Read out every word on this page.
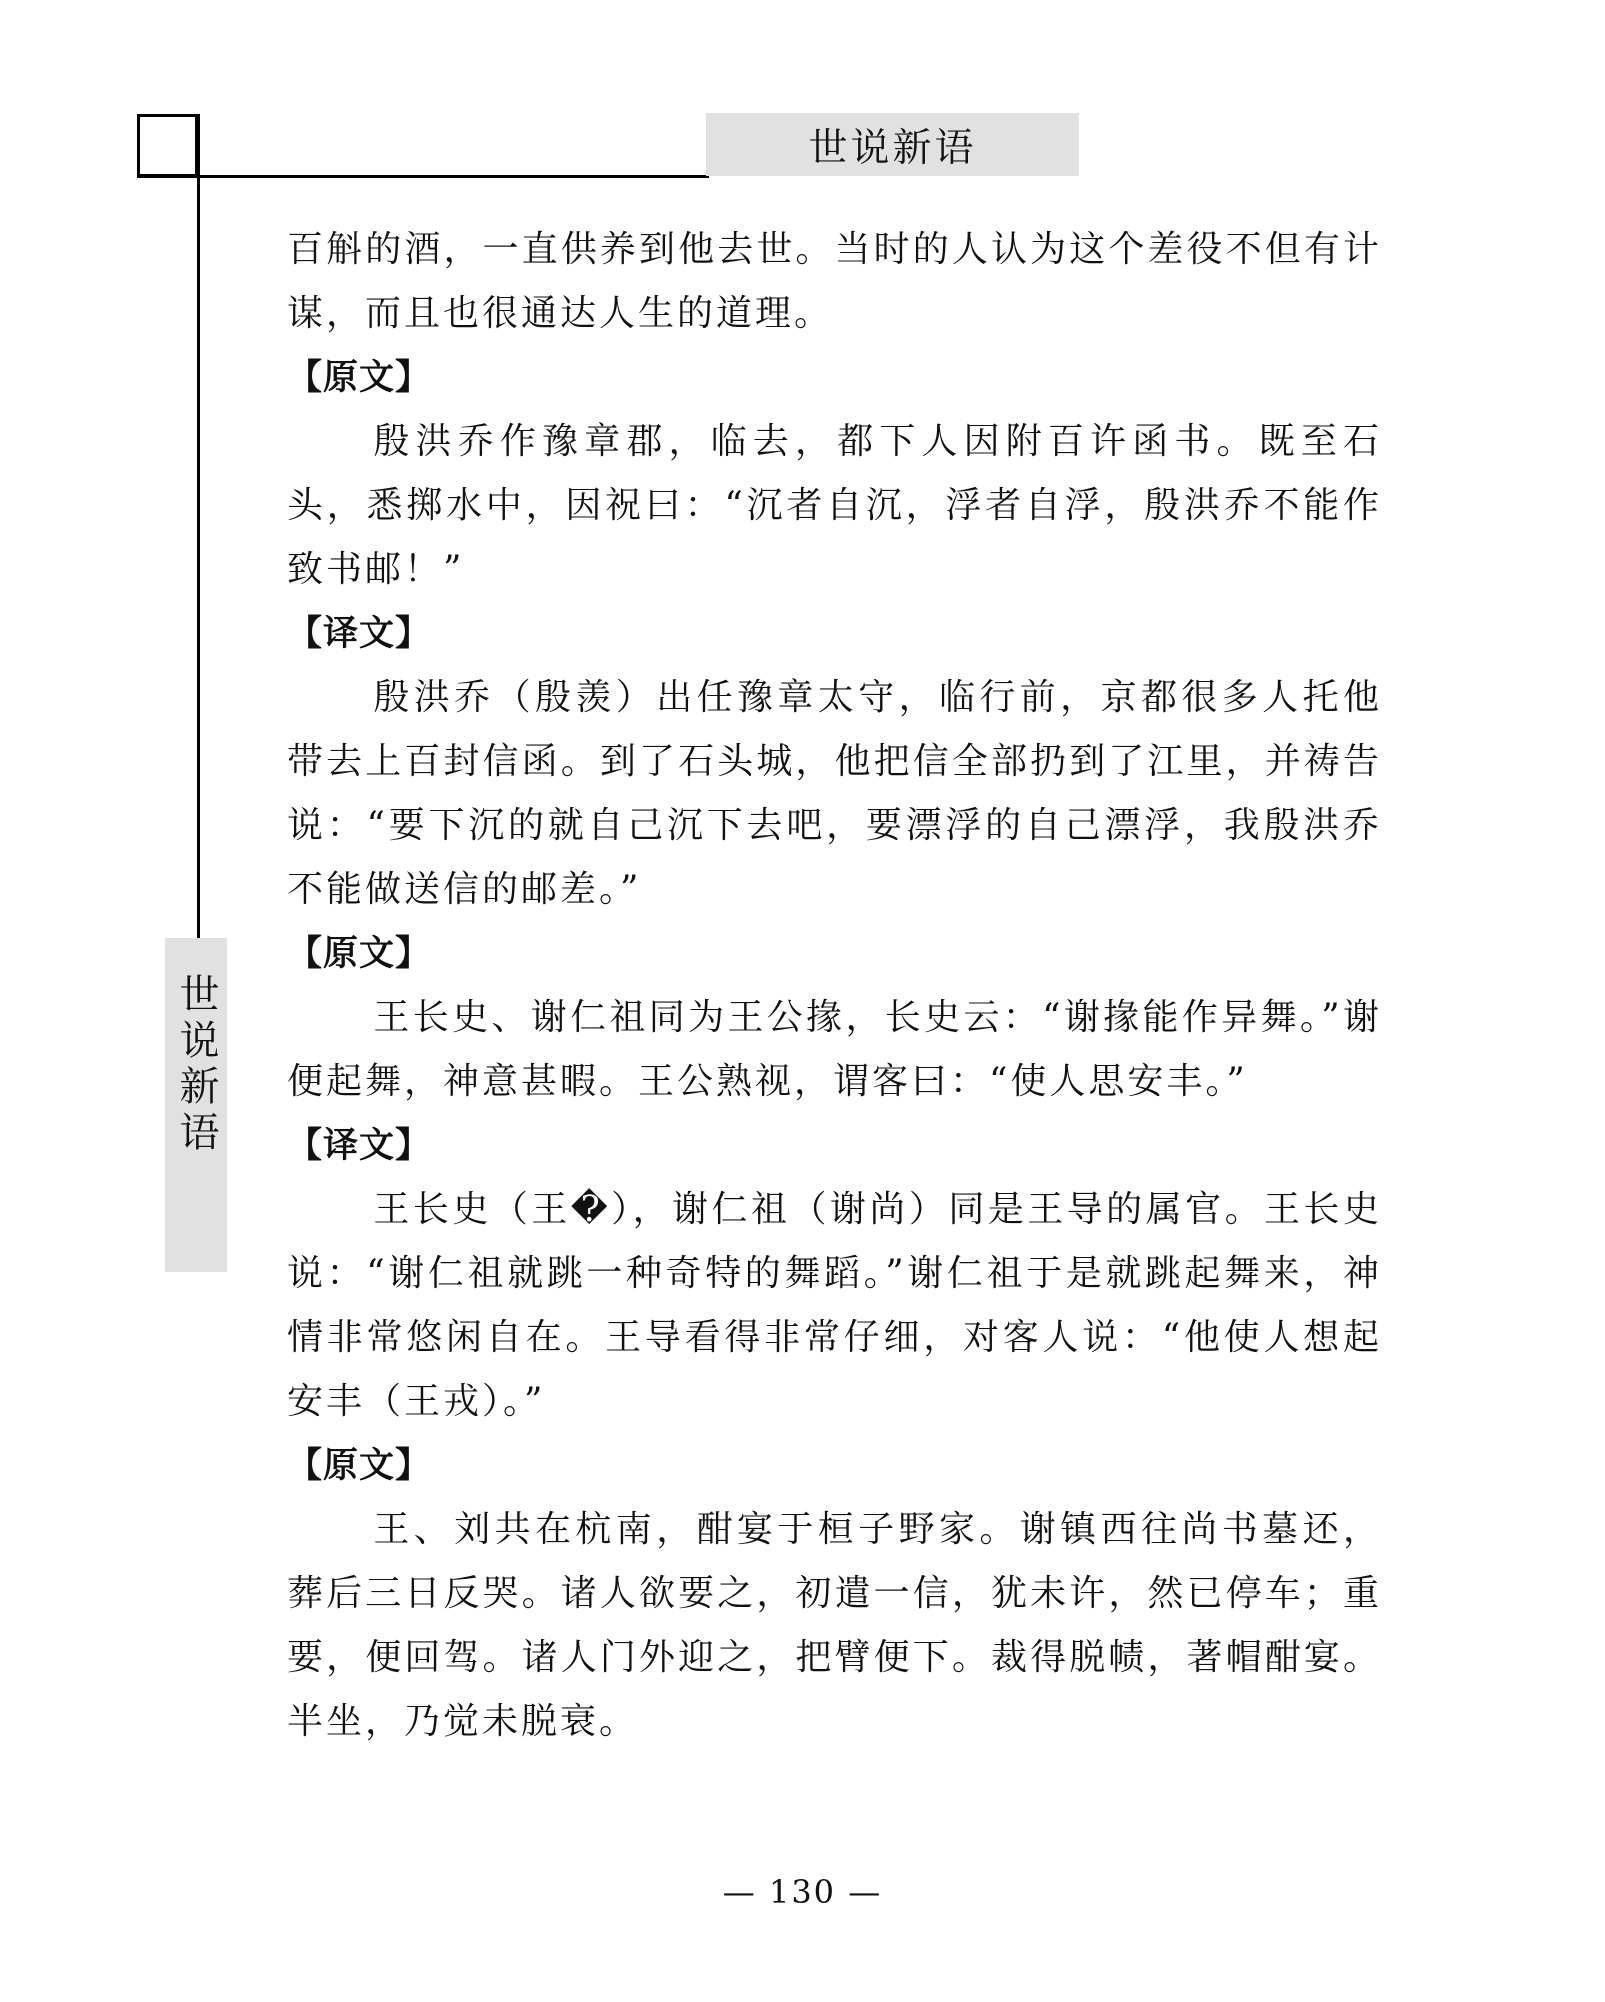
世说新语
世说新语

百斛的酒，一直供养到他去世。当时的人认为这个差役不但有计谋，而且也很通达人生的道理。

【原文】

殷洪乔作豫章郡，临去，都下人因附百许函书。既至石头，悉掷水中，因祝曰：“沉者自沉，浮者自浮，殷洪乔不能作致书邮！”

【译文】

殷洪乔（殷羡）出任豫章太守，临行前，京都很多人托他带去上百封信函。到了石头城，他把信全部扔到了江里，并祷告说：“要下沉的就自己沉下去吧，要漂浮的自己漂浮，我殷洪乔不能做送信的邮差。”

【原文】

王长史、谢仁祖同为王公掾，长史云：“谢掾能作异舞。”谢便起舞，神意甚暇。王公熟视，谓客曰：“使人思安丰。”

【译文】

王长史（王�），谢仁祖（谢尚）同是王导的属官。王长史说：“谢仁祖就跳一种奇特的舞蹈。”谢仁祖于是就跳起舞来，神情非常悠闲自在。王导看得非常仔细，对客人说：“他使人想起安丰（王戎）。”

【原文】

王、刘共在杭南，酣宴于桓子野家。谢镇西往尚书墓还，葬后三日反哭。诸人欲要之，初遣一信，犹未许，然已停车；重要，便回驾。诸人门外迎之，把臂便下。裁得脱帻，著帽酣宴。半坐，乃觉未脱衰。

— 130 —
